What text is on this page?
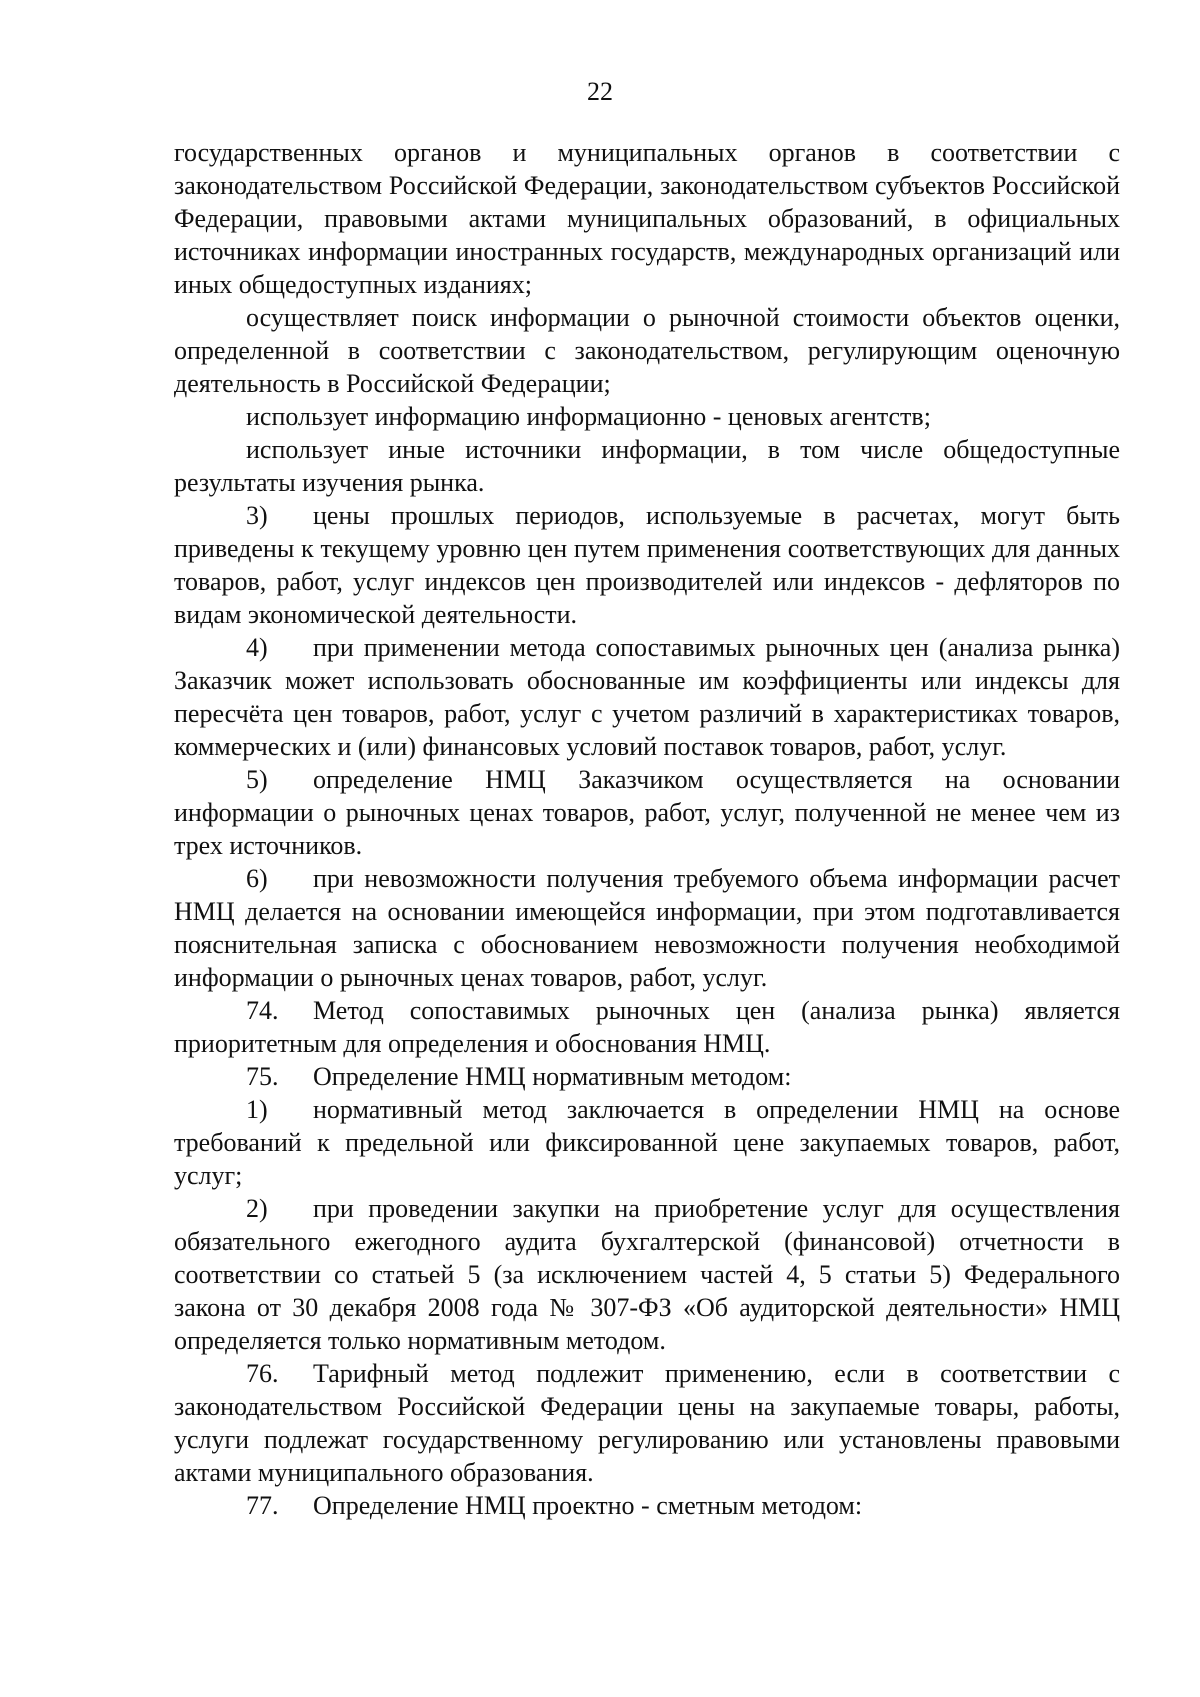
22

государственных органов и муниципальных органов в соответствии с законодательством Российской Федерации, законодательством субъектов Российской Федерации, правовыми актами муниципальных образований, в официальных источниках информации иностранных государств, международных организаций или иных общедоступных изданиях;

осуществляет поиск информации о рыночной стоимости объектов оценки, определенной в соответствии с законодательством, регулирующим оценочную деятельность в Российской Федерации;

использует информацию информационно - ценовых агентств;

использует иные источники информации, в том числе общедоступные результаты изучения рынка.

3) цены прошлых периодов, используемые в расчетах, могут быть приведены к текущему уровню цен путем применения соответствующих для данных товаров, работ, услуг индексов цен производителей или индексов - дефляторов по видам экономической деятельности.

4) при применении метода сопоставимых рыночных цен (анализа рынка) Заказчик может использовать обоснованные им коэффициенты или индексы для пересчёта цен товаров, работ, услуг с учетом различий в характеристиках товаров, коммерческих и (или) финансовых условий поставок товаров, работ, услуг.

5) определение НМЦ Заказчиком осуществляется на основании информации о рыночных ценах товаров, работ, услуг, полученной не менее чем из трех источников.

6) при невозможности получения требуемого объема информации расчет НМЦ делается на основании имеющейся информации, при этом подготавливается пояснительная записка с обоснованием невозможности получения необходимой информации о рыночных ценах товаров, работ, услуг.

74. Метод сопоставимых рыночных цен (анализа рынка) является приоритетным для определения и обоснования НМЦ.

75. Определение НМЦ нормативным методом:

1) нормативный метод заключается в определении НМЦ на основе требований к предельной или фиксированной цене закупаемых товаров, работ, услуг;

2) при проведении закупки на приобретение услуг для осуществления обязательного ежегодного аудита бухгалтерской (финансовой) отчетности в соответствии со статьей 5 (за исключением частей 4, 5 статьи 5) Федерального закона от 30 декабря 2008 года № 307-ФЗ «Об аудиторской деятельности» НМЦ определяется только нормативным методом.

76. Тарифный метод подлежит применению, если в соответствии с законодательством Российской Федерации цены на закупаемые товары, работы, услуги подлежат государственному регулированию или установлены правовыми актами муниципального образования.

77. Определение НМЦ проектно - сметным методом:
